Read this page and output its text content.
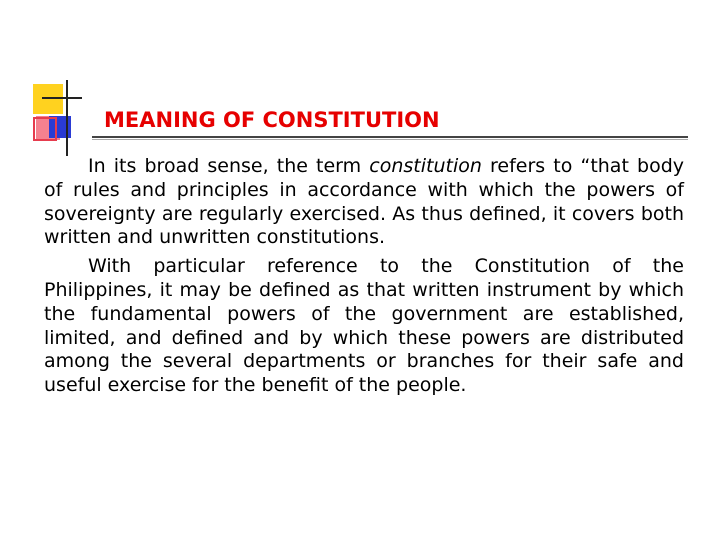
MEANING OF CONSTITUTION

In its broad sense, the term constitution refers to “that body of rules and principles in accordance with which the powers of sovereignty are regularly exercised. As thus defined, it covers both written and unwritten constitutions.

With particular reference to the Constitution of the Philippines, it may be defined as that written instrument by which the fundamental powers of the government are established, limited, and defined and by which these powers are distributed among the several departments or branches for their safe and useful exercise for the benefit of the people.
